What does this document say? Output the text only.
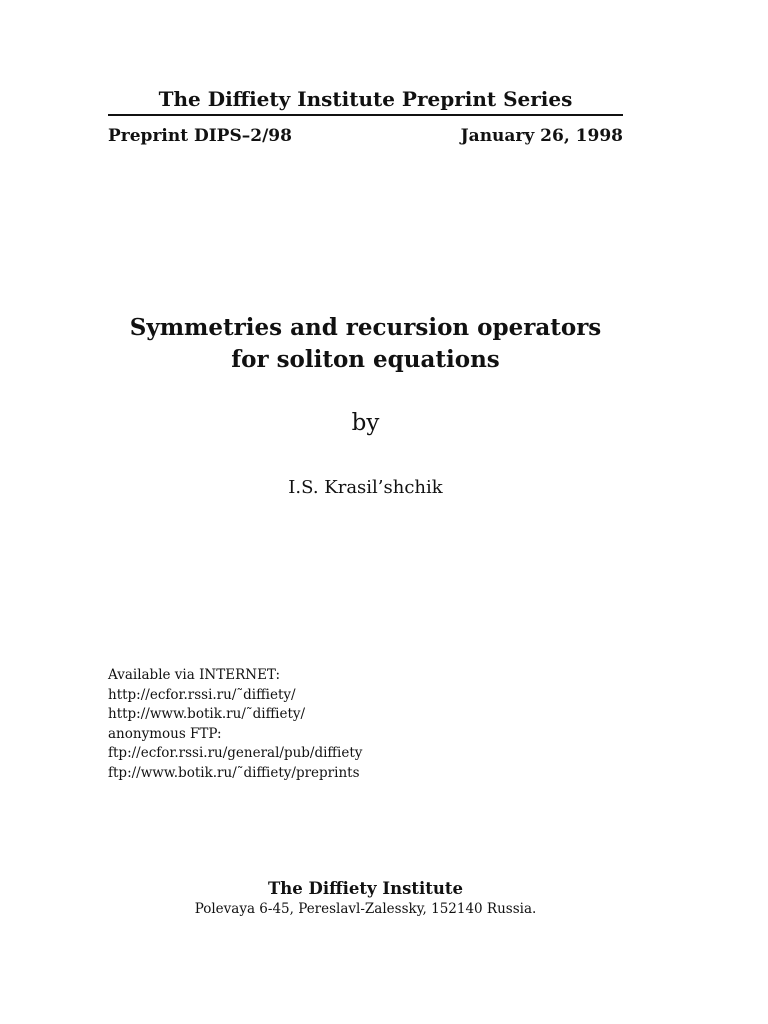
The Diffiety Institute Preprint Series
Preprint DIPS–2/98	January 26, 1998
Symmetries and recursion operators
for soliton equations
by
I.S. Krasil’shchik
Available via INTERNET:
http://ecfor.rssi.ru/˜diffiety/
http://www.botik.ru/˜diffiety/
anonymous FTP:
ftp://ecfor.rssi.ru/general/pub/diffiety
ftp://www.botik.ru/˜diffiety/preprints
The Diffiety Institute
Polevaya 6-45, Pereslavl-Zalessky, 152140 Russia.
